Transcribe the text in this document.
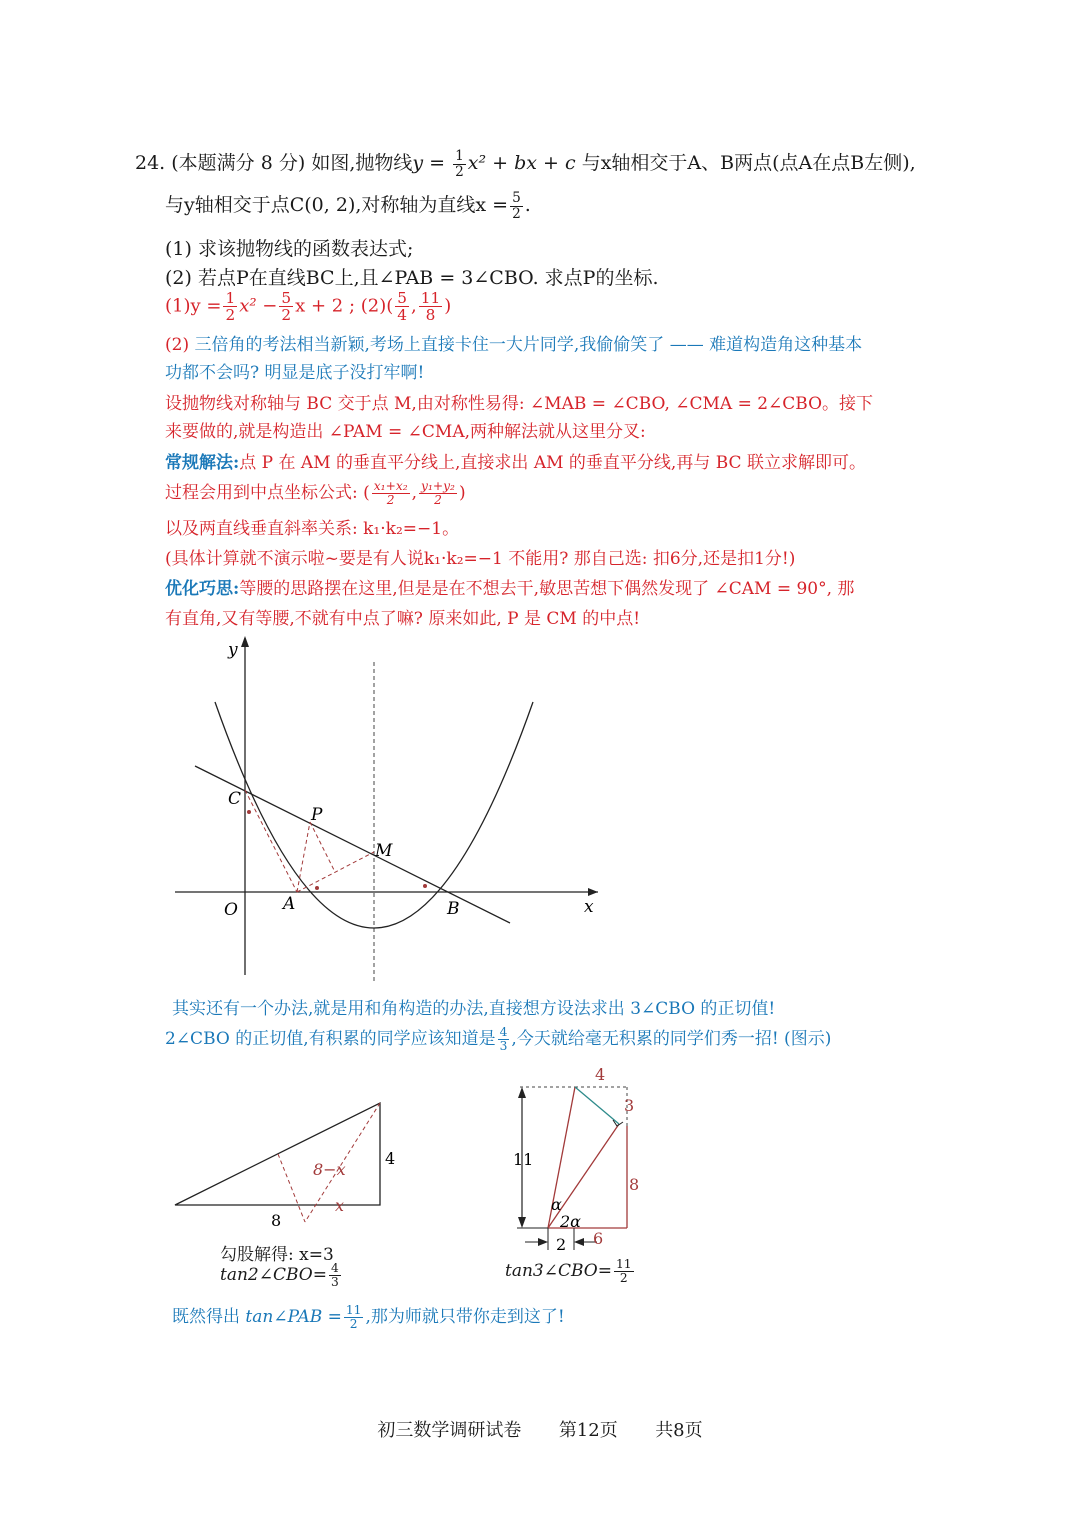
24. (本题满分 8 分) 如图,抛物线$y = \frac{1}{2} x^2$ + bx + c 与x轴相交于A、B两点(点A在点B左侧),
与y轴相交于点C(0, 2),对称轴为直线$x = \frac{5}{2}$ .
(1) 求该抛物线的函数表达式;
(2) 若点P在直线BC上,且∠PAB = 3∠CBO. 求点P的坐标.
$(1)y = \frac{1}{2} x^2 - \frac{5}{2}$ x + 2 ; $(2)( \frac{5}{4}$ , $\frac{11}{8}$ )
(2) 三倍角的考法相当新颖,考场上直接卡住一大片同学,我偷偷笑了 —— 难道构造角这种基本
功都不会吗? 明显是底子没打牢啊!
设抛物线对称轴与 BC 交于点 M,由对称性易得: ∠MAB = ∠CBO, ∠CMA = 2∠CBO。接下
来要做的,就是构造出 ∠PAM = ∠CMA,两种解法就从这里分叉:
常规解法:点 P 在 AM 的垂直平分线上,直接求出 AM 的垂直平分线,再与 BC 联立求解即可。
过程会用到中点坐标公式: ( $\frac{\text{x₁+x₂}}{2}$ , $\frac{\text{y₁+y₂}}{2}$ )
以及两直线垂直斜率关系: k₁·k₂=−1。
(具体计算就不演示啦~要是有人说k₁·k₂=−1 不能用? 那自己选: 扣6分,还是扣1分!)
优化巧思:等腰的思路摆在这里,但是是在不想去干,敏思苦想下偶然发现了 ∠CAM = 90°, 那
有直角,又有等腰,不就有中点了嘛? 原来如此, P 是 CM 的中点!
y
x
O	A	B
C
P
M
其实还有一个办法,就是用和角构造的办法,直接想方设法求出 3∠CBO 的正切值!
2∠CBO 的正切值,有积累的同学应该知道是 $\frac{4}{3}$ ,今天就给毫无积累的同学们秀一招! (图示)
8
4
8−x
x
勾股解得: x=3
tan2∠CBO= $\frac{4}{3}$
4
3
11
8
α
2α
2 6
tan3∠CBO= $\frac{11}{2}$
既然得出 tan∠PAB = $\frac{11}{2}$ ,那为师就只带你走到这了!
初三数学调研试卷 第12页 共8页
